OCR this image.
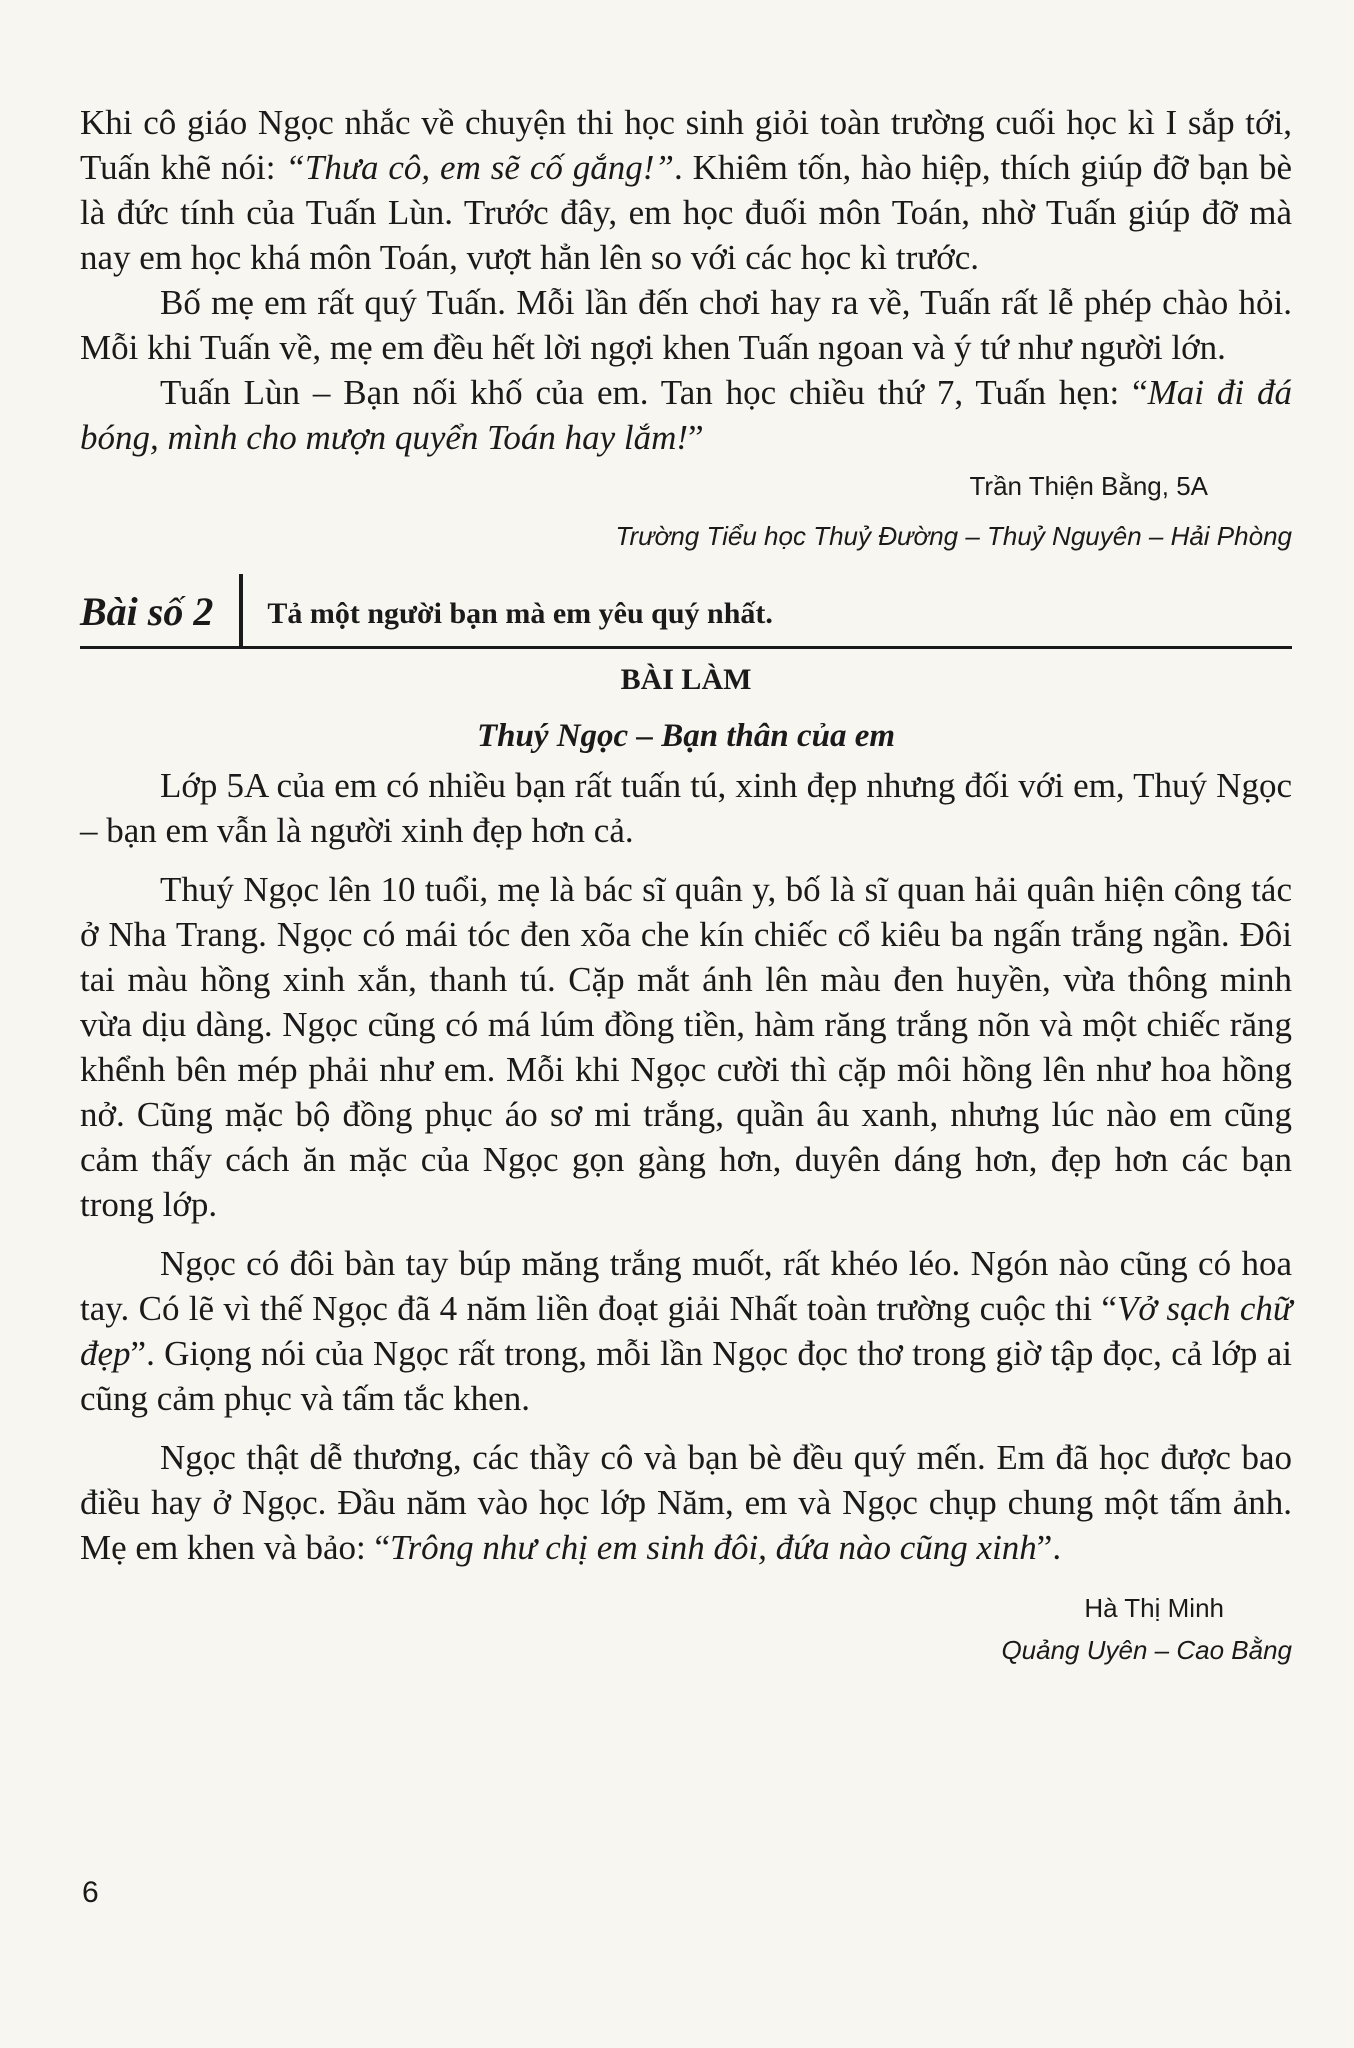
Khi cô giáo Ngọc nhắc về chuyện thi học sinh giỏi toàn trường cuối học kì I sắp tới, Tuấn khẽ nói: “Thưa cô, em sẽ cố gắng!”. Khiêm tốn, hào hiệp, thích giúp đỡ bạn bè là đức tính của Tuấn Lùn. Trước đây, em học đuối môn Toán, nhờ Tuấn giúp đỡ mà nay em học khá môn Toán, vượt hẳn lên so với các học kì trước.

Bố mẹ em rất quý Tuấn. Mỗi lần đến chơi hay ra về, Tuấn rất lễ phép chào hỏi. Mỗi khi Tuấn về, mẹ em đều hết lời ngợi khen Tuấn ngoan và ý tứ như người lớn.

Tuấn Lùn – Bạn nối khố của em. Tan học chiều thứ 7, Tuấn hẹn: “Mai đi đá bóng, mình cho mượn quyển Toán hay lắm!”

Trần Thiện Bằng, 5A
Trường Tiểu học Thuỷ Đường – Thuỷ Nguyên – Hải Phòng
Bài số 2	Tả một người bạn mà em yêu quý nhất.
BÀI LÀM
Thuý Ngọc – Bạn thân của em

Lớp 5A của em có nhiều bạn rất tuấn tú, xinh đẹp nhưng đối với em, Thuý Ngọc – bạn em vẫn là người xinh đẹp hơn cả.

Thuý Ngọc lên 10 tuổi, mẹ là bác sĩ quân y, bố là sĩ quan hải quân hiện công tác ở Nha Trang. Ngọc có mái tóc đen xõa che kín chiếc cổ kiêu ba ngấn trắng ngần. Đôi tai màu hồng xinh xắn, thanh tú. Cặp mắt ánh lên màu đen huyền, vừa thông minh vừa dịu dàng. Ngọc cũng có má lúm đồng tiền, hàm răng trắng nõn và một chiếc răng khểnh bên mép phải như em. Mỗi khi Ngọc cười thì cặp môi hồng lên như hoa hồng nở. Cũng mặc bộ đồng phục áo sơ mi trắng, quần âu xanh, nhưng lúc nào em cũng cảm thấy cách ăn mặc của Ngọc gọn gàng hơn, duyên dáng hơn, đẹp hơn các bạn trong lớp.

Ngọc có đôi bàn tay búp măng trắng muốt, rất khéo léo. Ngón nào cũng có hoa tay. Có lẽ vì thế Ngọc đã 4 năm liền đoạt giải Nhất toàn trường cuộc thi “Vở sạch chữ đẹp”. Giọng nói của Ngọc rất trong, mỗi lần Ngọc đọc thơ trong giờ tập đọc, cả lớp ai cũng cảm phục và tấm tắc khen.

Ngọc thật dễ thương, các thầy cô và bạn bè đều quý mến. Em đã học được bao điều hay ở Ngọc. Đầu năm vào học lớp Năm, em và Ngọc chụp chung một tấm ảnh. Mẹ em khen và bảo: “Trông như chị em sinh đôi, đứa nào cũng xinh”.

Hà Thị Minh
Quảng Uyên – Cao Bằng
6
